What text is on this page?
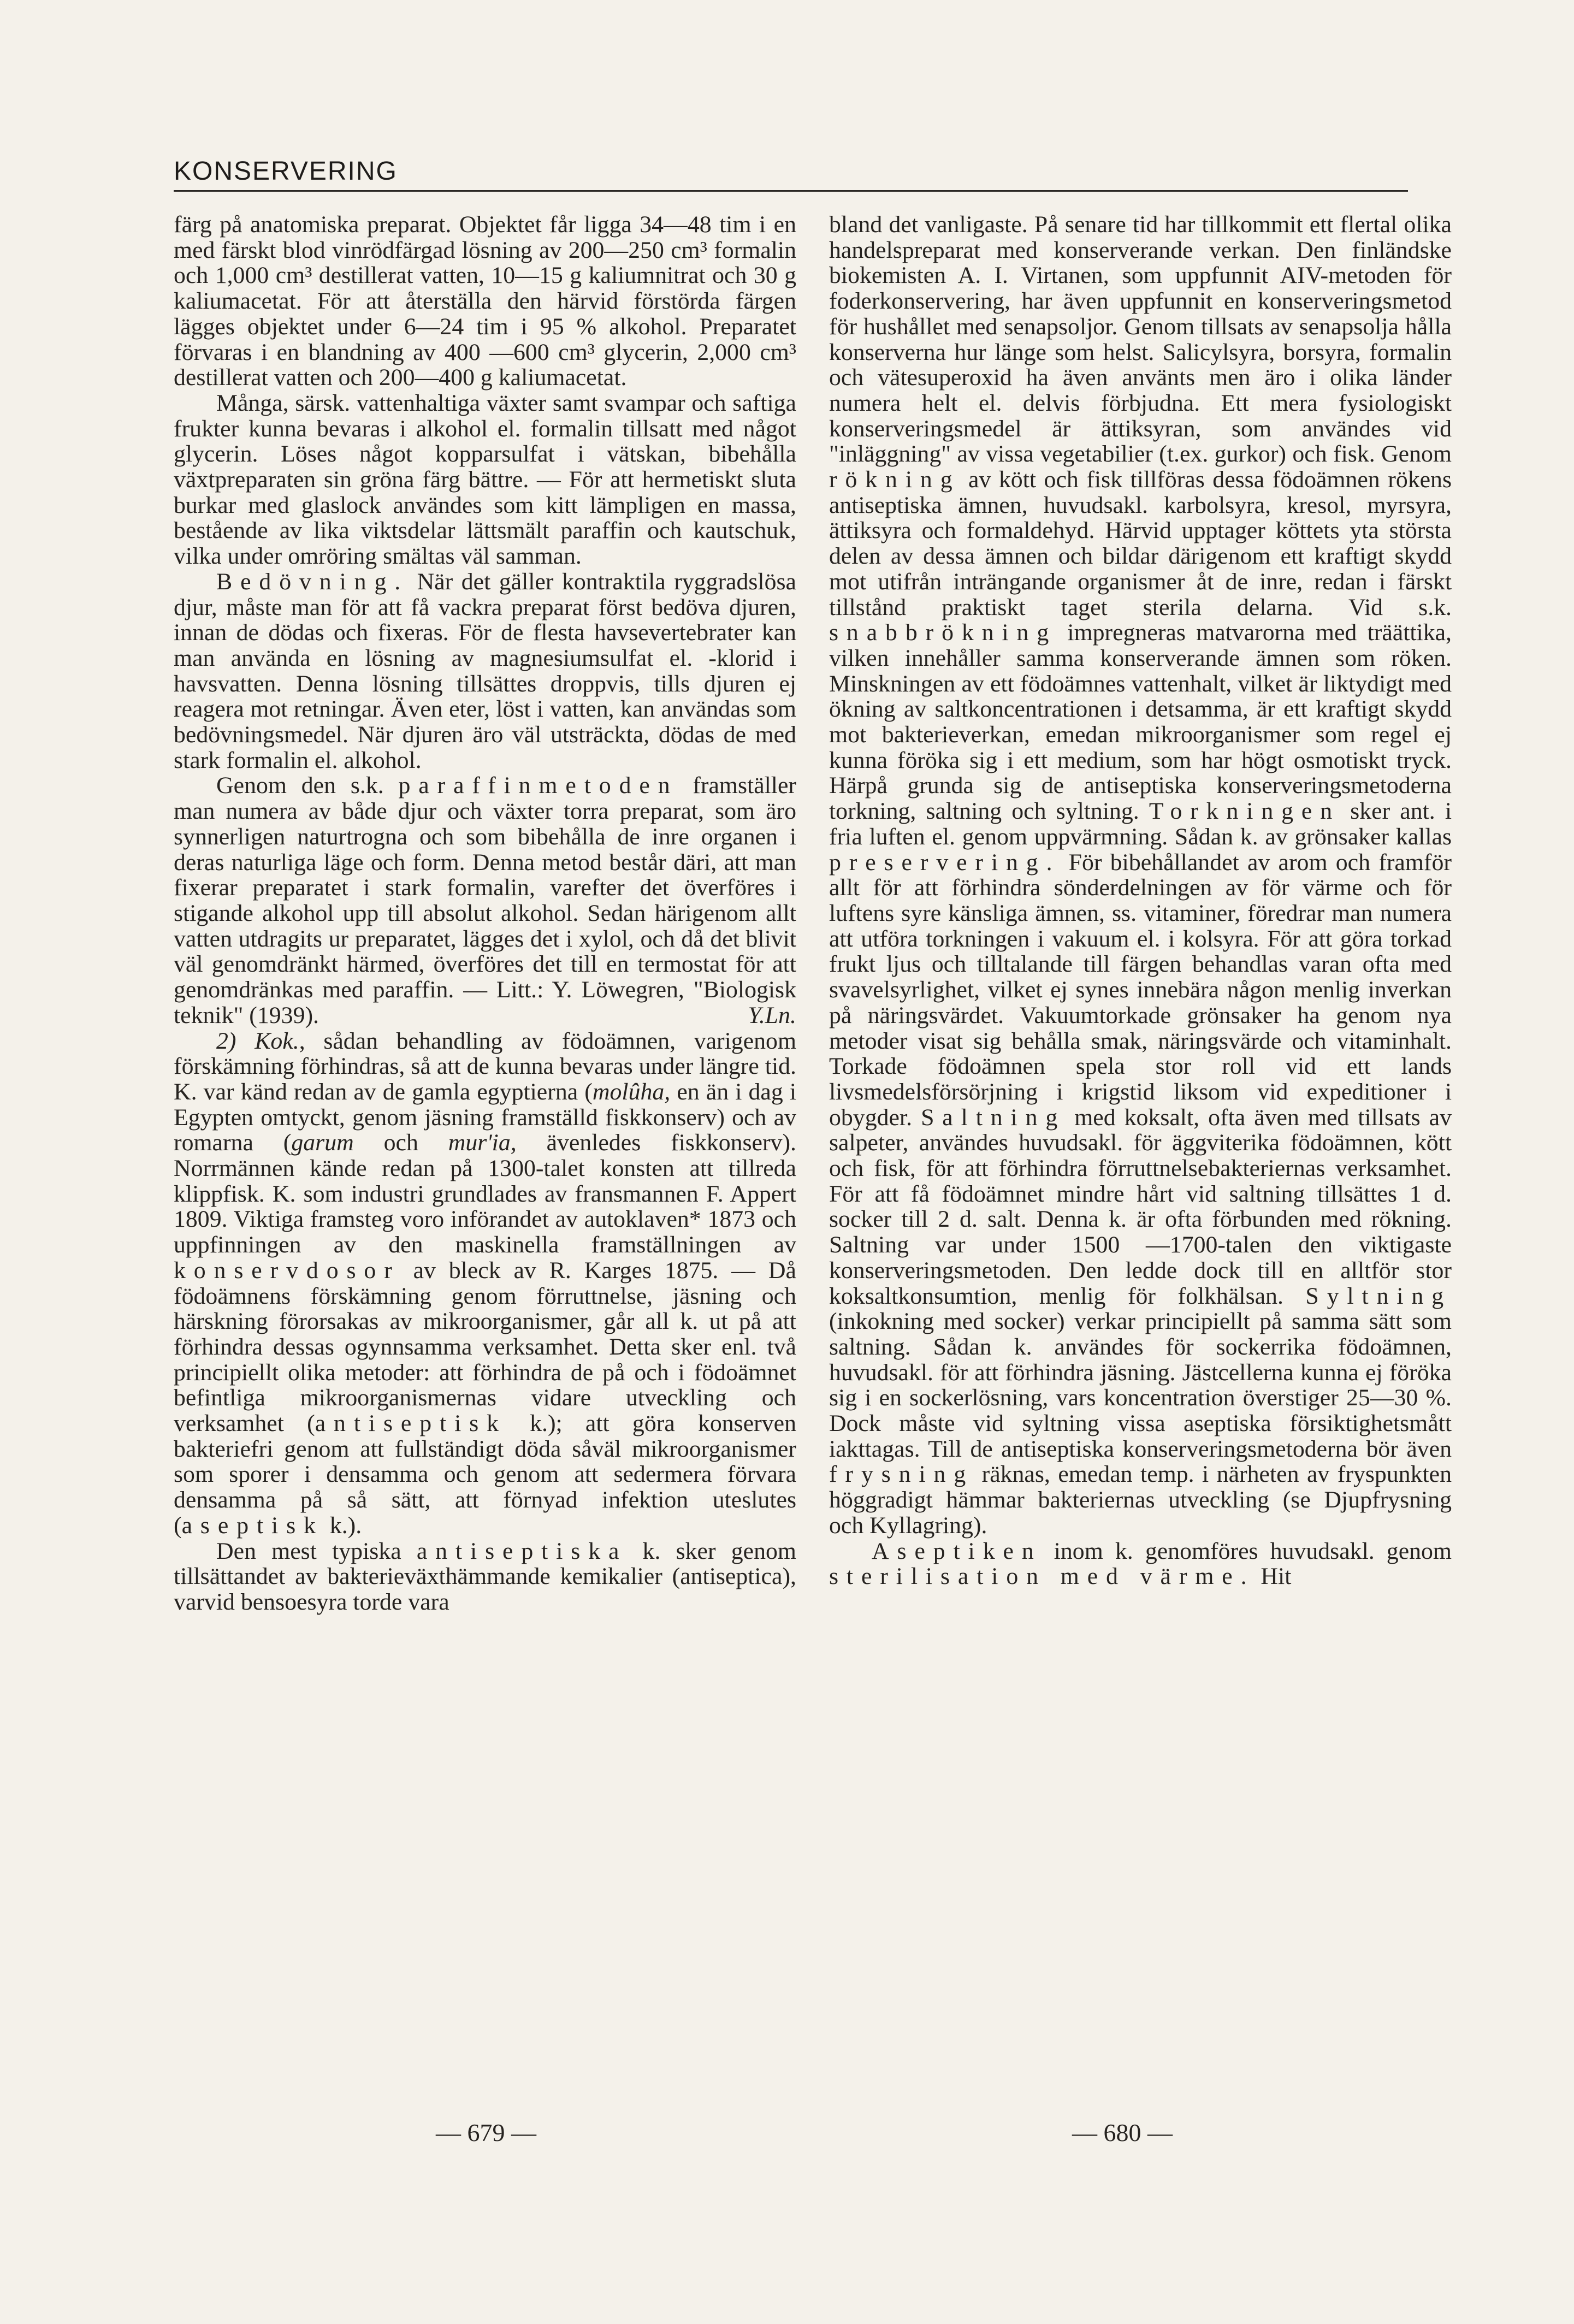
KONSERVERING

färg på anatomiska preparat. Objektet får ligga 34—48 tim i en med färskt blod vinrödfärgad lösning av 200—250 cm³ formalin och 1,000 cm³ destillerat vatten, 10—15 g kaliumnitrat och 30 g kaliumacetat. För att återställa den härvid förstörda färgen lägges objektet under 6—24 tim i 95 % alkohol. Preparatet förvaras i en blandning av 400 —600 cm³ glycerin, 2,000 cm³ destillerat vatten och 200—400 g kaliumacetat.

Många, särsk. vattenhaltiga växter samt svampar och saftiga frukter kunna bevaras i alkohol el. formalin tillsatt med något glycerin. Löses något kopparsulfat i vätskan, bibehålla växtpreparaten sin gröna färg bättre. — För att hermetiskt sluta burkar med glaslock användes som kitt lämpligen en massa, bestående av lika viktsdelar lättsmält paraffin och kautschuk, vilka under omröring smältas väl samman.

Bedövning. När det gäller kontraktila ryggradslösa djur, måste man för att få vackra preparat först bedöva djuren, innan de dödas och fixeras. För de flesta havsevertebrater kan man använda en lösning av magnesiumsulfat el. -klorid i havsvatten. Denna lösning tillsättes droppvis, tills djuren ej reagera mot retningar. Även eter, löst i vatten, kan användas som bedövningsmedel. När djuren äro väl utsträckta, dödas de med stark formalin el. alkohol.

Genom den s.k. paraffinmetoden framställer man numera av både djur och växter torra preparat, som äro synnerligen naturtrogna och som bibehålla de inre organen i deras naturliga läge och form. Denna metod består däri, att man fixerar preparatet i stark formalin, varefter det överföres i stigande alkohol upp till absolut alkohol. Sedan härigenom allt vatten utdragits ur preparatet, lägges det i xylol, och då det blivit väl genomdränkt härmed, överföres det till en termostat för att genomdränkas med paraffin. — Litt.: Y. Löwegren, "Biologisk teknik" (1939).	Y.Ln.

2) Kok., sådan behandling av födoämnen, varigenom förskämning förhindras, så att de kunna bevaras under längre tid. K. var känd redan av de gamla egyptierna (molûha, en än i dag i Egypten omtyckt, genom jäsning framställd fiskkonserv) och av romarna (garum och mur'ia, ävenledes fiskkonserv). Norrmännen kände redan på 1300-talet konsten att tillreda klippfisk. K. som industri grundlades av fransmannen F. Appert 1809. Viktiga framsteg voro införandet av autoklaven* 1873 och uppfinningen av den maskinella framställningen av konservdosor av bleck av R. Karges 1875. — Då födoämnens förskämning genom förruttnelse, jäsning och härskning förorsakas av mikroorganismer, går all k. ut på att förhindra dessas ogynnsamma verksamhet. Detta sker enl. två principiellt olika metoder: att förhindra de på och i födoämnet befintliga mikroorganismernas vidare utveckling och verksamhet (antiseptisk k.); att göra konserven bakteriefri genom att fullständigt döda såväl mikroorganismer som sporer i densamma och genom att sedermera förvara densamma på så sätt, att förnyad infektion uteslutes (aseptisk k.).

Den mest typiska antiseptiska k. sker genom tillsättandet av bakterieväxthämmande kemikalier (antiseptica), varvid bensoesyra torde vara

bland det vanligaste. På senare tid har tillkommit ett flertal olika handelspreparat med konserverande verkan. Den finländske biokemisten A. I. Virtanen, som uppfunnit AIV-metoden för foderkonservering, har även uppfunnit en konserveringsmetod för hushållet med senapsoljor. Genom tillsats av senapsolja hålla konserverna hur länge som helst. Salicylsyra, borsyra, formalin och vätesuperoxid ha även använts men äro i olika länder numera helt el. delvis förbjudna. Ett mera fysiologiskt konserveringsmedel är ättiksyran, som användes vid "inläggning" av vissa vegetabilier (t.ex. gurkor) och fisk. Genom rökning av kött och fisk tillföras dessa födoämnen rökens antiseptiska ämnen, huvudsakl. karbolsyra, kresol, myrsyra, ättiksyra och formaldehyd. Härvid upptager köttets yta största delen av dessa ämnen och bildar därigenom ett kraftigt skydd mot utifrån inträngande organismer åt de inre, redan i färskt tillstånd praktiskt taget sterila delarna. Vid s.k. snabbrökning impregneras matvarorna med träättika, vilken innehåller samma konserverande ämnen som röken. Minskningen av ett födoämnes vattenhalt, vilket är liktydigt med ökning av saltkoncentrationen i detsamma, är ett kraftigt skydd mot bakterieverkan, emedan mikroorganismer som regel ej kunna föröka sig i ett medium, som har högt osmotiskt tryck. Härpå grunda sig de antiseptiska konserveringsmetoderna torkning, saltning och syltning. Torkningen sker ant. i fria luften el. genom uppvärmning. Sådan k. av grönsaker kallas preservering. För bibehållandet av arom och framför allt för att förhindra sönderdelningen av för värme och för luftens syre känsliga ämnen, ss. vitaminer, föredrar man numera att utföra torkningen i vakuum el. i kolsyra. För att göra torkad frukt ljus och tilltalande till färgen behandlas varan ofta med svavelsyrlighet, vilket ej synes innebära någon menlig inverkan på näringsvärdet. Vakuumtorkade grönsaker ha genom nya metoder visat sig behålla smak, näringsvärde och vitaminhalt. Torkade födoämnen spela stor roll vid ett lands livsmedelsförsörjning i krigstid liksom vid expeditioner i obygder. Saltning med koksalt, ofta även med tillsats av salpeter, användes huvudsakl. för äggviterika födoämnen, kött och fisk, för att förhindra förruttnelsebakteriernas verksamhet. För att få födoämnet mindre hårt vid saltning tillsättes 1 d. socker till 2 d. salt. Denna k. är ofta förbunden med rökning. Saltning var under 1500 —1700-talen den viktigaste konserveringsmetoden. Den ledde dock till en alltför stor koksaltkonsumtion, menlig för folkhälsan. Syltning (inkokning med socker) verkar principiellt på samma sätt som saltning. Sådan k. användes för sockerrika födoämnen, huvudsakl. för att förhindra jäsning. Jästcellerna kunna ej föröka sig i en sockerlösning, vars koncentration överstiger 25—30 %. Dock måste vid syltning vissa aseptiska försiktighetsmått iakttagas. Till de antiseptiska konserveringsmetoderna bör även frysning räknas, emedan temp. i närheten av fryspunkten höggradigt hämmar bakteriernas utveckling (se Djupfrysning och Kyllagring).

Aseptiken inom k. genomföres huvudsakl. genom sterilisation med värme. Hit

— 679 —	— 680 —
